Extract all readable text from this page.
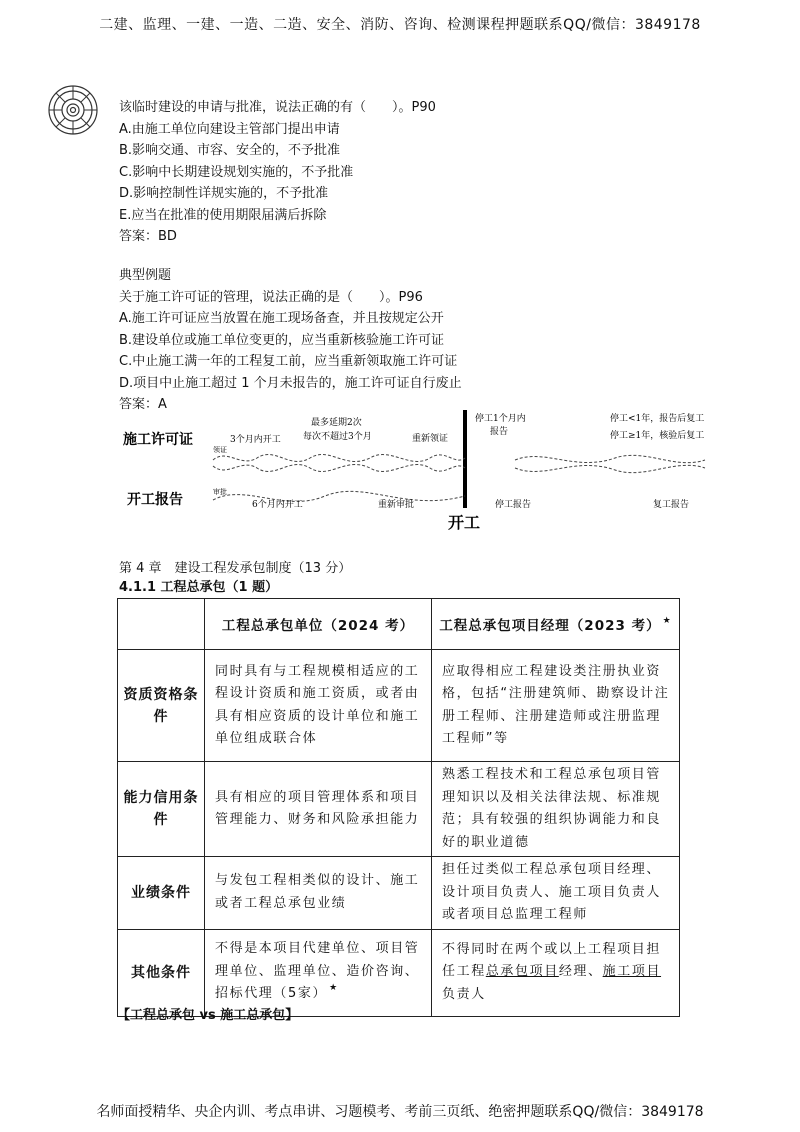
二建、监理、一建、一造、二造、安全、消防、咨询、检测课程押题联系QQ/微信：3849178
该临时建设的申请与批准，说法正确的有（　　）。P90
A.由施工单位向建设主管部门提出申请
B.影响交通、市容、安全的，不予批准
C.影响中长期建设规划实施的，不予批准
D.影响控制性详规实施的，不予批准
E.应当在批准的使用期限届满后拆除
答案：BD
典型例题
关于施工许可证的管理，说法正确的是（　　）。P96
A.施工许可证应当放置在施工现场备查，并且按规定公开
B.建设单位或施工单位变更的，应当重新核验施工许可证
C.中止施工满一年的工程复工前，应当重新领取施工许可证
D.项目中止施工超过 1 个月未报告的，施工许可证自行废止
答案：A
施工许可证
开工报告
开工
领证
审批
3个月内开工
最多延期2次
每次不超过3个月	重新领证
6个月内开工	重新审批
停工1个月内
报告
停工<1年，报告后复工
停工≥1年，核验后复工
停工报告	复工报告
第 4 章　建设工程发承包制度（13 分）
4.1.1 工程总承包（1 题）
	工程总承包单位（2024 考）	工程总承包项目经理（2023 考） ★
资质资格条件	同时具有与工程规模相适应的工程设计资质和施工资质，或者由具有相应资质的设计单位和施工单位组成联合体	应取得相应工程建设类注册执业资格，包括“注册建筑师、勘察设计注册工程师、注册建造师或注册监理工程师”等
能力信用条件	具有相应的项目管理体系和项目管理能力、财务和风险承担能力	熟悉工程技术和工程总承包项目管理知识以及相关法律法规、标准规范；具有较强的组织协调能力和良好的职业道德
业绩条件	与发包工程相类似的设计、施工或者工程总承包业绩	担任过类似工程总承包项目经理、设计项目负责人、施工项目负责人或者项目总监理工程师
其他条件	不得是本项目代建单位、项目管理单位、监理单位、造价咨询、招标代理（5家） ★	不得同时在两个或以上工程项目担任工程总承包项目经理、施工项目负责人
【工程总承包 vs 施工总承包】
名师面授精华、央企内训、考点串讲、习题模考、考前三页纸、绝密押题联系QQ/微信：3849178
